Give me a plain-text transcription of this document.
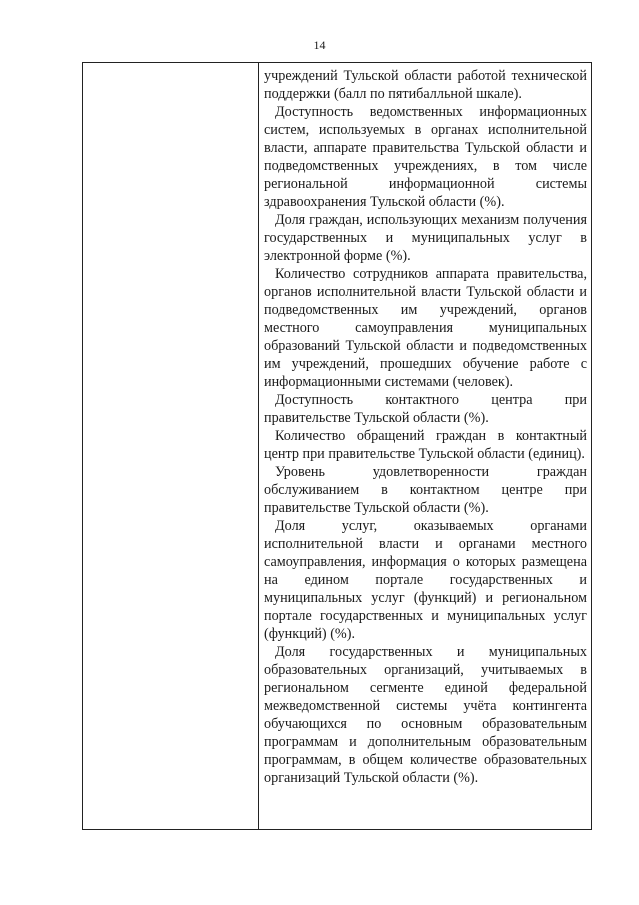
14

учреждений Тульской области работой технической поддержки (балл по пятибалльной шкале).

Доступность ведомственных информационных систем, используемых в органах исполнительной власти, аппарате правительства Тульской области и подведомственных учреждениях, в том числе региональной информационной системы здравоохранения Тульской области (%).

Доля граждан, использующих механизм получения государственных и муниципальных услуг в электронной форме (%).

Количество сотрудников аппарата правительства, органов исполнительной власти Тульской области и подведомственных им учреждений, органов местного самоуправления муниципальных образований Тульской области и подведомственных им учреждений, прошедших обучение работе с информационными системами (человек).

Доступность контактного центра при правительстве Тульской области (%).

Количество обращений граждан в контактный центр при правительстве Тульской области (единиц).

Уровень удовлетворенности граждан обслуживанием в контактном центре при правительстве Тульской области (%).

Доля услуг, оказываемых органами исполнительной власти и органами местного самоуправления, информация о которых размещена на едином портале государственных и муниципальных услуг (функций) и региональном портале государственных и муниципальных услуг (функций) (%).

Доля государственных и муниципальных образовательных организаций, учитываемых в региональном сегменте единой федеральной межведомственной системы учёта контингента обучающихся по основным образовательным программам и дополнительным образовательным программам, в общем количестве образовательных организаций Тульской области (%).
